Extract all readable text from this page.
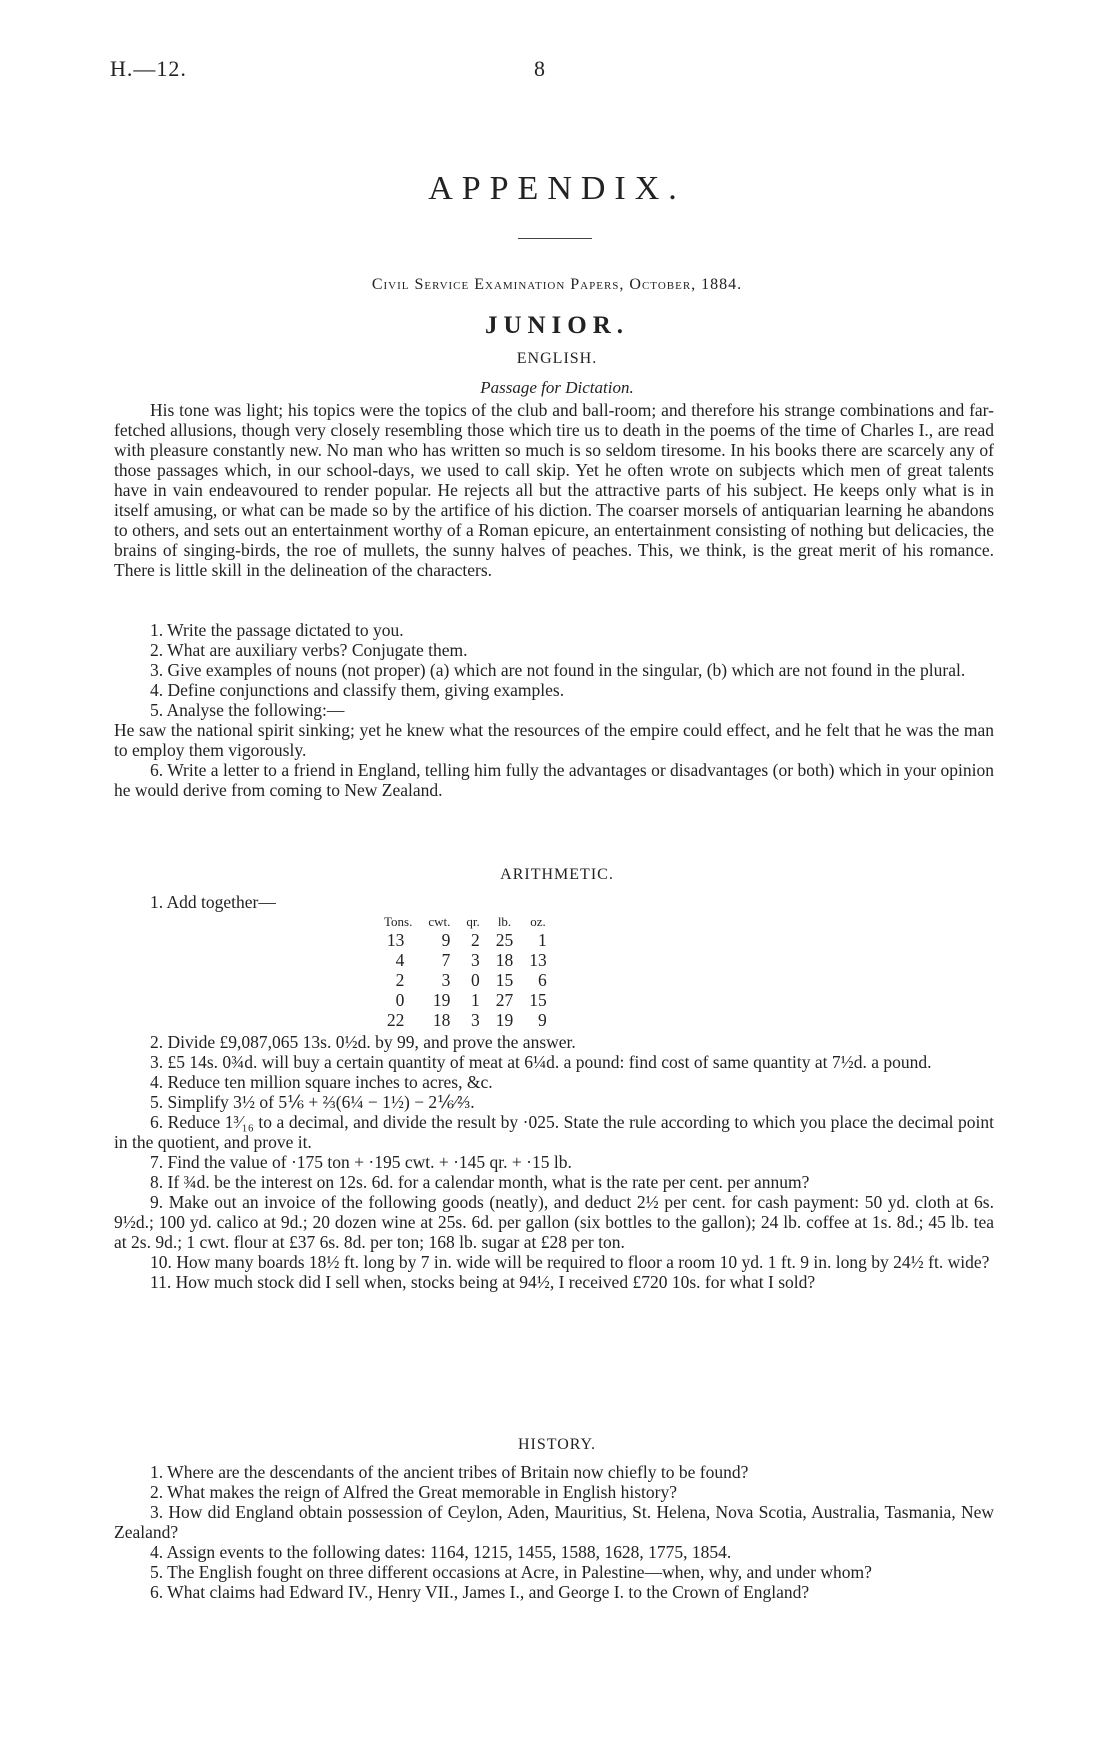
H.—12.	8
APPENDIX.
Civil Service Examination Papers, October, 1884.
JUNIOR.
ENGLISH.
Passage for Dictation.

His tone was light; his topics were the topics of the club and ball-room; and therefore his strange combinations and far-fetched allusions, though very closely resembling those which tire us to death in the poems of the time of Charles I., are read with pleasure constantly new. No man who has written so much is so seldom tiresome. In his books there are scarcely any of those passages which, in our school-days, we used to call skip. Yet he often wrote on subjects which men of great talents have in vain endeavoured to render popular. He rejects all but the attractive parts of his subject. He keeps only what is in itself amusing, or what can be made so by the artifice of his diction. The coarser morsels of antiquarian learning he abandons to others, and sets out an entertainment worthy of a Roman epicure, an entertainment consisting of nothing but delicacies, the brains of singing-birds, the roe of mullets, the sunny halves of peaches. This, we think, is the great merit of his romance. There is little skill in the delineation of the characters.

1. Write the passage dictated to you.

2. What are auxiliary verbs? Conjugate them.

3. Give examples of nouns (not proper) (a) which are not found in the singular, (b) which are not found in the plural.

4. Define conjunctions and classify them, giving examples.

5. Analyse the following:—

He saw the national spirit sinking; yet he knew what the resources of the empire could effect, and he felt that he was the man to employ them vigorously.

6. Write a letter to a friend in England, telling him fully the advantages or disadvantages (or both) which in your opinion he would derive from coming to New Zealand.

ARITHMETIC.
1. Add together—
Tons.	cwt.	qr.	lb.	oz.
13	9	2	25	1
4	7	3	18	13
2	3	0	15	6
0	19	1	27	15
22	18	3	19	9

2. Divide £9,087,065 13s. 0½d. by 99, and prove the answer.

3. £5 14s. 0¾d. will buy a certain quantity of meat at 6¼d. a pound: find cost of same quantity at 7½d. a pound.

4. Reduce ten million square inches to acres, &c.

5. Simplify 3½ of 5⅙ + ⅔(6¼ − 1½) − 2⅙⁄⅔.

6. Reduce 1³⁄₁₆ to a decimal, and divide the result by ·025. State the rule according to which you place the decimal point in the quotient, and prove it.

7. Find the value of ·175 ton + ·195 cwt. + ·145 qr. + ·15 lb.

8. If ¾d. be the interest on 12s. 6d. for a calendar month, what is the rate per cent. per annum?

9. Make out an invoice of the following goods (neatly), and deduct 2½ per cent. for cash payment: 50 yd. cloth at 6s. 9½d.; 100 yd. calico at 9d.; 20 dozen wine at 25s. 6d. per gallon (six bottles to the gallon); 24 lb. coffee at 1s. 8d.; 45 lb. tea at 2s. 9d.; 1 cwt. flour at £37 6s. 8d. per ton; 168 lb. sugar at £28 per ton.

10. How many boards 18½ ft. long by 7 in. wide will be required to floor a room 10 yd. 1 ft. 9 in. long by 24½ ft. wide?

11. How much stock did I sell when, stocks being at 94½, I received £720 10s. for what I sold?

HISTORY.

1. Where are the descendants of the ancient tribes of Britain now chiefly to be found?

2. What makes the reign of Alfred the Great memorable in English history?

3. How did England obtain possession of Ceylon, Aden, Mauritius, St. Helena, Nova Scotia, Australia, Tasmania, New Zealand?

4. Assign events to the following dates: 1164, 1215, 1455, 1588, 1628, 1775, 1854.

5. The English fought on three different occasions at Acre, in Palestine—when, why, and under whom?

6. What claims had Edward IV., Henry VII., James I., and George I. to the Crown of England?
